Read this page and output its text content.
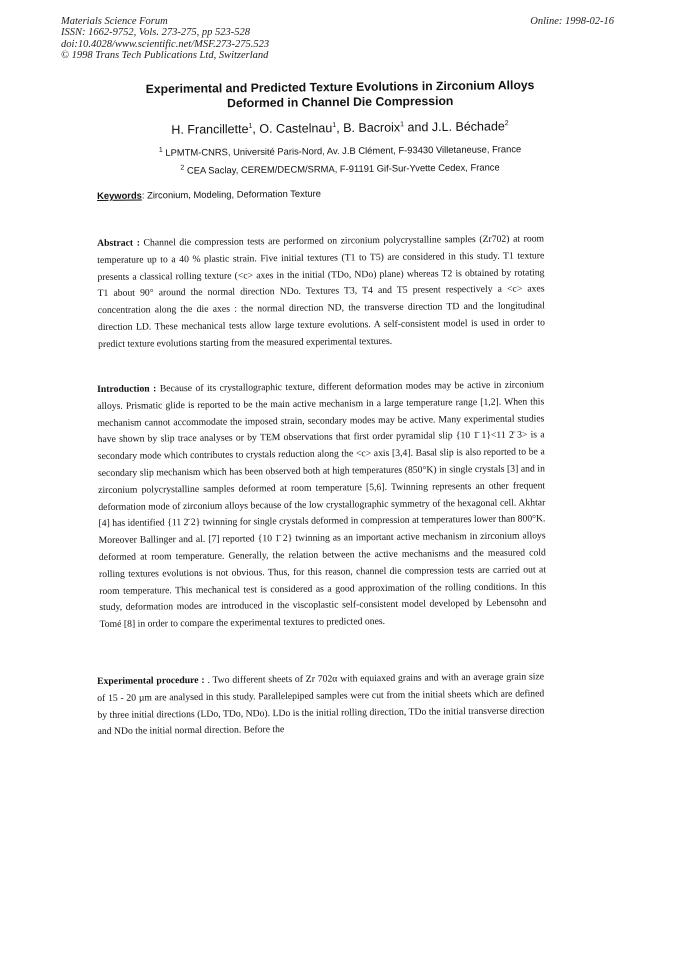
Materials Science Forum
ISSN: 1662-9752, Vols. 273-275, pp 523-528
doi:10.4028/www.scientific.net/MSF.273-275.523
© 1998 Trans Tech Publications Ltd, Switzerland
Online: 1998-02-16
Experimental and Predicted Texture Evolutions in Zirconium Alloys
Deformed in Channel Die Compression
H. Francillette$^1$, O. Castelnau$^1$, B. Bacroix$^1$ and J.L. Béchade$^2$
$^1$ LPMTM-CNRS, Université Paris-Nord, Av. J.B Clément, F-93430 Villetaneuse, France
$^2$ CEA Saclay, CEREM/DECM/SRMA, F-91191 Gif-Sur-Yvette Cedex, France
Keywords: Zirconium, Modeling, Deformation Texture
Abstract : Channel die compression tests are performed on zirconium polycrystalline samples (Zr702) at room temperature up to a 40 % plastic strain. Five initial textures (T1 to T5) are considered in this study. T1 texture presents a classical rolling texture (<c> axes in the initial (TDo, NDo) plane) whereas T2 is obtained by rotating T1 about 90° around the normal direction NDo. Textures T3, T4 and T5 present respectively a <c> axes concentration along the die axes : the normal direction ND, the transverse direction TD and the longitudinal direction LD. These mechanical tests allow large texture evolutions. A self-consistent model is used in order to predict texture evolutions starting from the measured experimental textures.
Introduction : Because of its crystallographic texture, different deformation modes may be active in zirconium alloys. Prismatic glide is reported to be the main active mechanism in a large temperature range [1,2]. When this mechanism cannot accommodate the imposed strain, secondary modes may be active. Many experimental studies have shown by slip trace analyses or by TEM observations that first order pyramidal slip {10 1̄ 1}<11 2̄ 3> is a secondary mode which contributes to crystals reduction along the <c> axis [3,4]. Basal slip is also reported to be a secondary slip mechanism which has been observed both at high temperatures (850°K) in single crystals [3] and in zirconium polycrystalline samples deformed at room temperature [5,6]. Twinning represents an other frequent deformation mode of zirconium alloys because of the low crystallographic symmetry of the hexagonal cell. Akhtar [4] has identified {11 2̄ 2} twinning for single crystals deformed in compression at temperatures lower than 800°K. Moreover Ballinger and al. [7] reported {10 1̄ 2} twinning as an important active mechanism in zirconium alloys deformed at room temperature. Generally, the relation between the active mechanisms and the measured cold rolling textures evolutions is not obvious. Thus, for this reason, channel die compression tests are carried out at room temperature. This mechanical test is considered as a good approximation of the rolling conditions. In this study, deformation modes are introduced in the viscoplastic self-consistent model developed by Lebensohn and Tomé [8] in order to compare the experimental textures to predicted ones.
Experimental procedure : . Two different sheets of Zr 702α with equiaxed grains and with an average grain size of 15 - 20 µm are analysed in this study. Parallelepiped samples were cut from the initial sheets which are defined by three initial directions (LDo, TDo, NDo). LDo is the initial rolling direction, TDo the initial transverse direction and NDo the initial normal direction. Before the
